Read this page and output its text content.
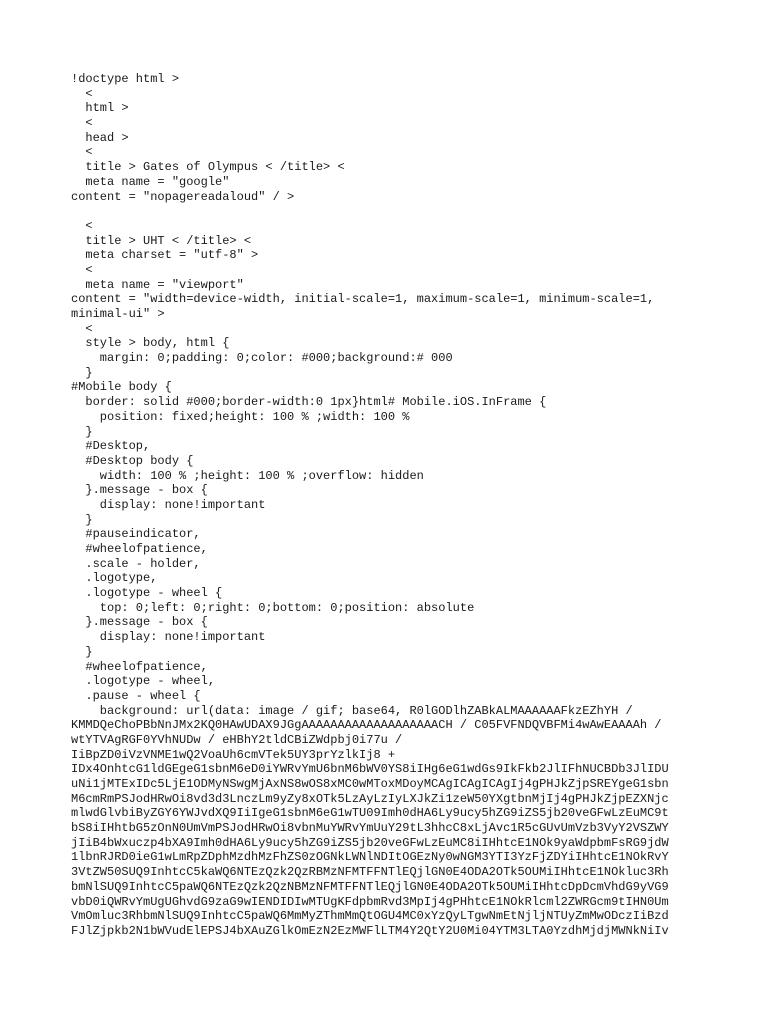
!doctype html >
<
html >
<
head >
<
title > Gates of Olympus < /title> <
meta name = "google"
content = "nopagereadaloud" / >
<
title > UHT < /title> <
meta charset = "utf-8" >
<
meta name = "viewport"
content = "width=device-width, initial-scale=1, maximum-scale=1, minimum-scale=1,
minimal-ui" >
<
style > body, html {
margin: 0;padding: 0;color: #000;background:# 000
}
#Mobile body {
border: solid #000;border-width:0 1px}html# Mobile.iOS.InFrame {
position: fixed;height: 100 % ;width: 100 %
}
#Desktop,
#Desktop body {
width: 100 % ;height: 100 % ;overflow: hidden
}.message - box {
display: none!important
}
#pauseindicator,
#wheelofpatience,
.scale - holder,
.logotype,
.logotype - wheel {
top: 0;left: 0;right: 0;bottom: 0;position: absolute
}.message - box {
display: none!important
}
#wheelofpatience,
.logotype - wheel,
.pause - wheel {
background: url(data: image / gif; base64, R0lGODlhZABkALMAAAAAAFkzEZhYH /
KMMDQeChoPBbNnJMx2KQ0HAwUDAX9JGgAAAAAAAAAAAAAAAAAAACH / C05FVFNDQVBFMi4wAwEAAAAh /
wtYTVAgRGF0YVhNUDw / eHBhY2tldCBiZWdpbj0i77u /
IiBpZD0iVzVNME1wQ2VoaUh6cmVTek5UY3prYzlkIj8 +
IDx4OnhtcG1ldGEgeG1sbnM6eD0iYWRvYmU6bnM6bWV0YS8iIHg6eG1wdGs9IkFkb2JlIFhNUCBDb3JlIDU
uNi1jMTExIDc5LjE1ODMyNSwgMjAxNS8wOS8xMC0wMToxMDoyMCAgICAgICAgIj4gPHJkZjpSREYgeG1sbn
M6cmRmPSJodHRwOi8vd3d3LnczLm9yZy8xOTk5LzAyLzIyLXJkZi1zeW50YXgtbnMjIj4gPHJkZjpEZXNjc
mlwdGlvbiByZGY6YWJvdXQ9IiIgeG1sbnM6eG1wTU09Imh0dHA6Ly9ucy5hZG9iZS5jb20veGFwLzEuMC9t
bS8iIHhtbG5zOnN0UmVmPSJodHRwOi8vbnMuYWRvYmUuY29tL3hhcC8xLjAvc1R5cGUvUmVzb3VyY2VSZWY
jIiB4bWxuczp4bXA9Imh0dHA6Ly9ucy5hZG9iZS5jb20veGFwLzEuMC8iIHhtcE1NOk9yaWdpbmFsRG9jdW
1lbnRJRD0ieG1wLmRpZDphMzdhMzFhZS0zOGNkLWNlNDItOGEzNy0wNGM3YTI3YzFjZDYiIHhtcE1NOkRvY
3VtZW50SUQ9InhtcC5kaWQ6NTEzQzk2QzRBMzNFMTFFNTlEQjlGN0E4ODA2OTk5OUMiIHhtcE1NOkluc3Rh
bmNlSUQ9InhtcC5paWQ6NTEzQzk2QzNBMzNFMTFFNTlEQjlGN0E4ODA2OTk5OUMiIHhtcDpDcmVhdG9yVG9
vbD0iQWRvYmUgUGhvdG9zaG9wIENDIDIwMTUgKFdpbmRvd3MpIj4gPHhtcE1NOkRlcml2ZWRGcm9tIHN0Um
VmOmluc3RhbmNlSUQ9InhtcC5paWQ6MmMyZThmMmQtOGU4MC0xYzQyLTgwNmEtNjljNTUyZmMwODczIiBzd
FJlZjpkb2N1bWVudElEPSJ4bXAuZGlkOmEzN2EzMWFlLTM4Y2QtY2U0Mi04YTM3LTA0YzdhMjdjMWNkNiIv
